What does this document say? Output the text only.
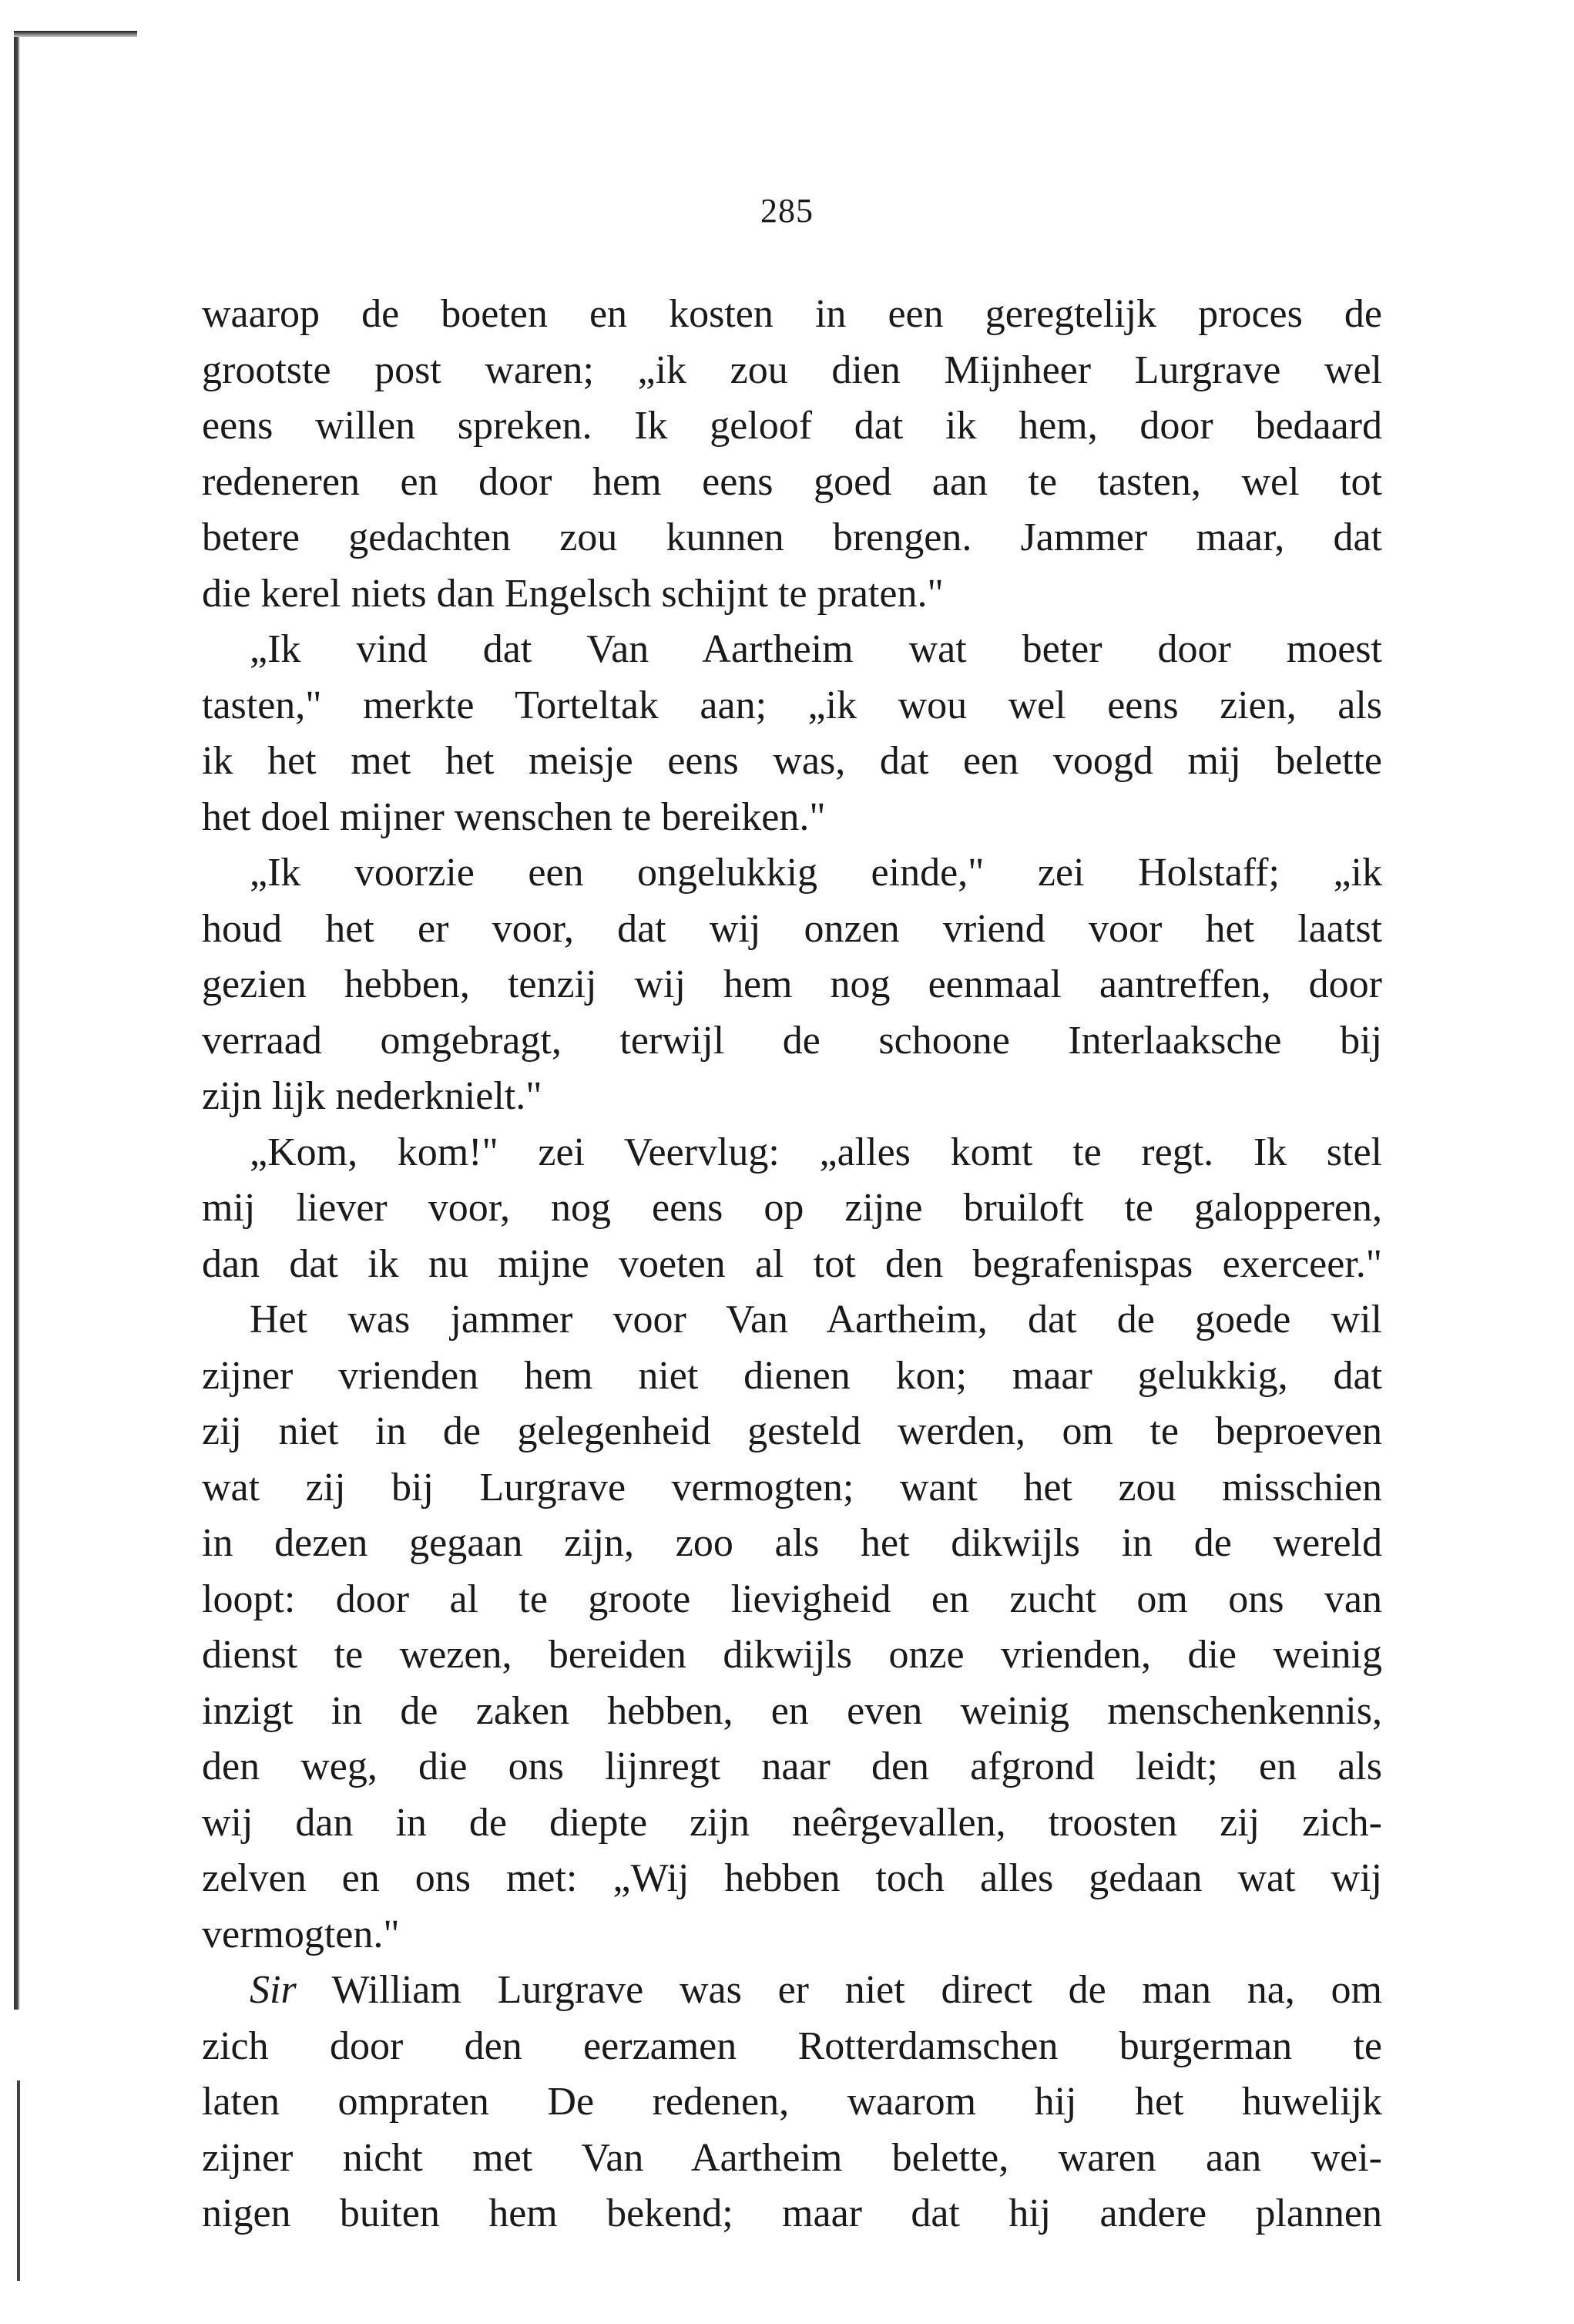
285
waarop de boeten en kosten in een geregtelijk proces de
grootste post waren; „ik zou dien Mijnheer Lurgrave wel
eens willen spreken. Ik geloof dat ik hem, door bedaard
redeneren en door hem eens goed aan te tasten, wel tot
betere gedachten zou kunnen brengen. Jammer maar, dat
die kerel niets dan Engelsch schijnt te praten."
„Ik vind dat Van Aartheim wat beter door moest
tasten," merkte Torteltak aan; „ik wou wel eens zien, als
ik het met het meisje eens was, dat een voogd mij belette
het doel mijner wenschen te bereiken."
„Ik voorzie een ongelukkig einde," zei Holstaff; „ik
houd het er voor, dat wij onzen vriend voor het laatst
gezien hebben, tenzij wij hem nog eenmaal aantreffen, door
verraad omgebragt, terwijl de schoone Interlaaksche bij
zijn lijk nederknielt."
„Kom, kom!" zei Veervlug: „alles komt te regt. Ik stel
mij liever voor, nog eens op zijne bruiloft te galopperen,
dan dat ik nu mijne voeten al tot den begrafenispas exerceer."
Het was jammer voor Van Aartheim, dat de goede wil
zijner vrienden hem niet dienen kon; maar gelukkig, dat
zij niet in de gelegenheid gesteld werden, om te beproeven
wat zij bij Lurgrave vermogten; want het zou misschien
in dezen gegaan zijn, zoo als het dikwijls in de wereld
loopt: door al te groote lievigheid en zucht om ons van
dienst te wezen, bereiden dikwijls onze vrienden, die weinig
inzigt in de zaken hebben, en even weinig menschenkennis,
den weg, die ons lijnregt naar den afgrond leidt; en als
wij dan in de diepte zijn neêrgevallen, troosten zij zich-
zelven en ons met: „Wij hebben toch alles gedaan wat wij
vermogten."
Sir William Lurgrave was er niet direct de man na, om
zich door den eerzamen Rotterdamschen burgerman te
laten ompraten De redenen, waarom hij het huwelijk
zijner nicht met Van Aartheim belette, waren aan wei-
nigen buiten hem bekend; maar dat hij andere plannen
